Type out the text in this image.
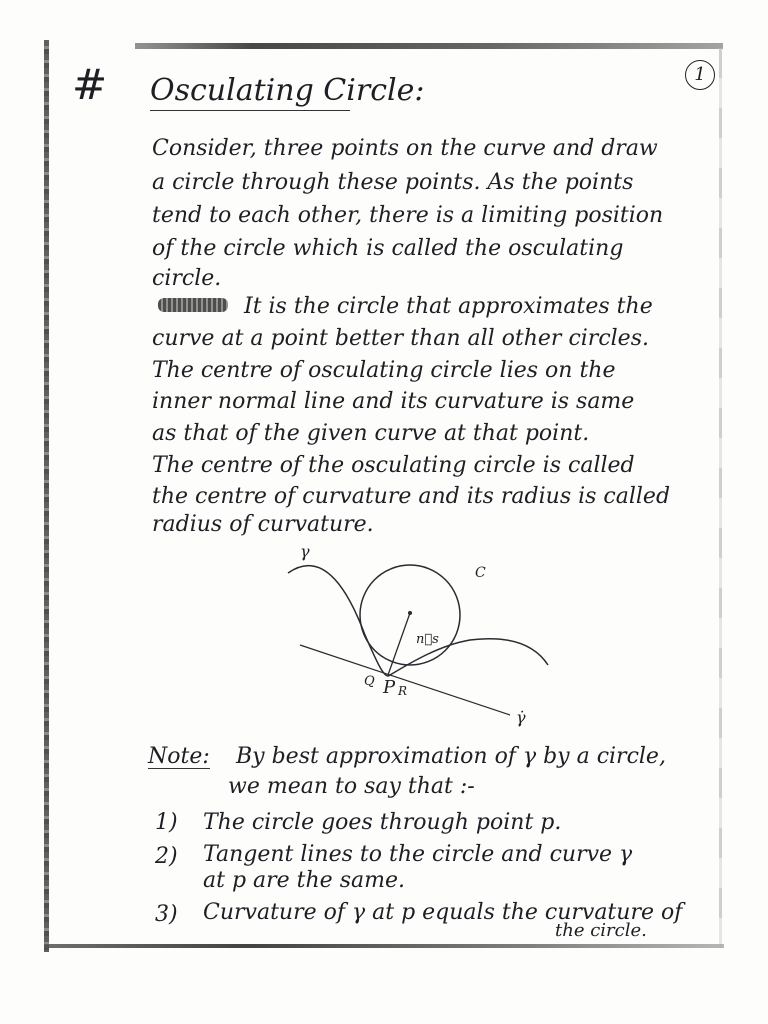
# Osculating Circle:	1
Consider, three points on the curve and draw
a circle through these points. As the points
tend to each other, there is a limiting position
of the circle which is called the osculating
circle.
It is the circle that approximates the
curve at a point better than all other circles.
The centre of osculating circle lies on the
inner normal line and its curvature is same
as that of the given curve at that point.
The centre of the osculating circle is called
the centre of curvature and its radius is called
radius of curvature.
γ
C
n⃗s
Q P R
γ̇
Note: By best approximation of γ by a circle,
we mean to say that :-
1) The circle goes through point p.
2) Tangent lines to the circle and curve γ
at p are the same.
3) Curvature of γ at p equals the curvature of
the circle.
